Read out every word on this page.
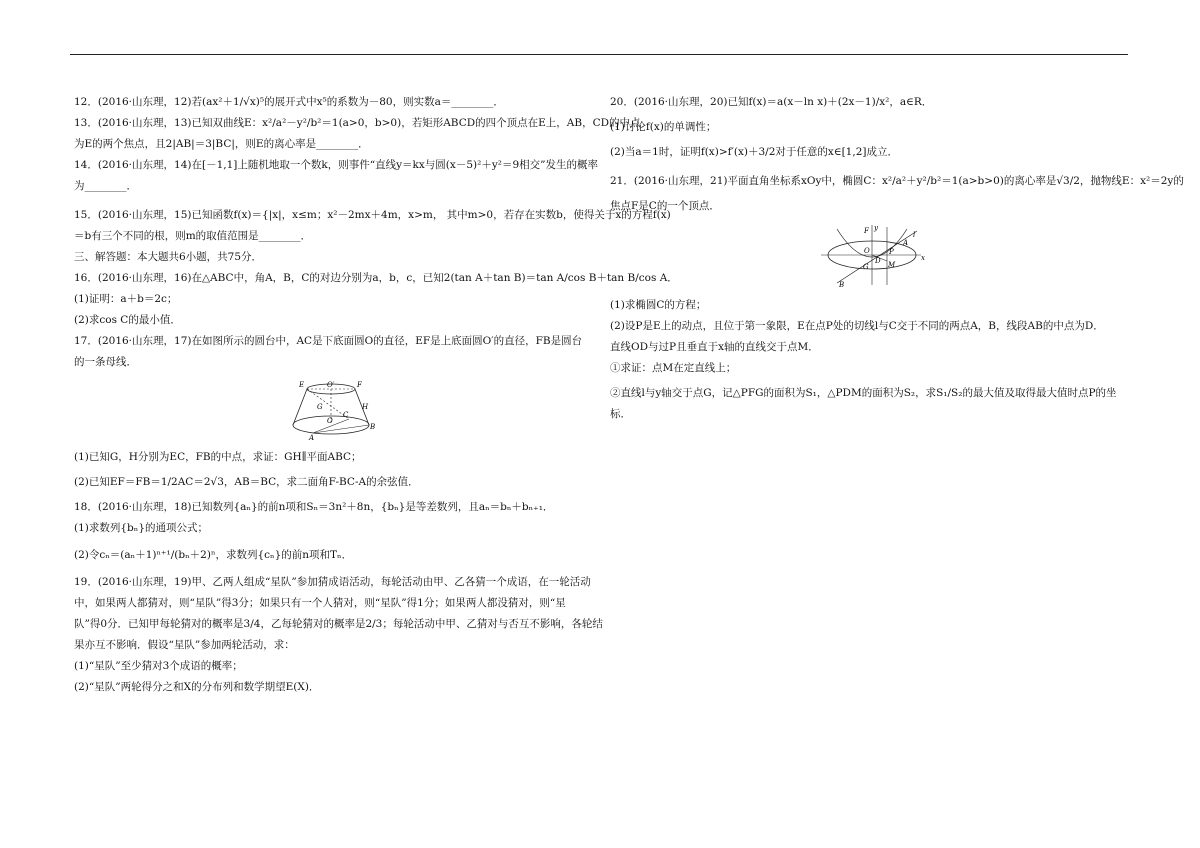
12．(2016·山东理，12)若(ax²＋1/√x)⁵的展开式中x⁵的系数为－80，则实数a＝________．
13．(2016·山东理，13)已知双曲线E：x²/a²－y²/b²＝1(a>0，b>0)，若矩形ABCD的四个顶点在E上，AB，CD的中点
为E的两个焦点，且2|AB|＝3|BC|，则E的离心率是________．
14．(2016·山东理，14)在[－1,1]上随机地取一个数k，则事件“直线y＝kx与圆(x－5)²＋y²＝9相交”发生的概率
为________．
15．(2016·山东理，15)已知函数f(x)＝{|x|，x≤m；x²－2mx＋4m，x>m， 其中m>0，若存在实数b，使得关于x的方程f(x)
＝b有三个不同的根，则m的取值范围是________．
三、解答题：本大题共6小题，共75分．
16．(2016·山东理，16)在△ABC中，角A，B，C的对边分别为a，b，c，已知2(tan A＋tan B)＝tan A/cos B＋tan B/cos A．
(1)证明：a＋b＝2c；
(2)求cos C的最小值．
17．(2016·山东理，17)在如图所示的圆台中，AC是下底面圆O的直径，EF是上底面圆O′的直径，FB是圆台
的一条母线．
E	O′	F
H
G
C
O
B
A
(1)已知G，H分别为EC，FB的中点，求证：GH∥平面ABC；
(2)已知EF＝FB＝1/2AC＝2√3，AB＝BC，求二面角F-BC-A的余弦值．
18．(2016·山东理，18)已知数列{aₙ}的前n项和Sₙ＝3n²＋8n，{bₙ}是等差数列，且aₙ＝bₙ＋bₙ₊₁．
(1)求数列{bₙ}的通项公式；
(2)令cₙ＝(aₙ＋1)ⁿ⁺¹/(bₙ＋2)ⁿ，求数列{cₙ}的前n项和Tₙ．
19．(2016·山东理，19)甲、乙两人组成“星队”参加猜成语活动，每轮活动由甲、乙各猜一个成语，在一轮活动
中，如果两人都猜对，则“星队”得3分；如果只有一个人猜对，则“星队”得1分；如果两人都没猜对，则“星
队”得0分．已知甲每轮猜对的概率是3/4，乙每轮猜对的概率是2/3；每轮活动中甲、乙猜对与否互不影响，各轮结
果亦互不影响．假设“星队”参加两轮活动，求：
(1)“星队”至少猜对3个成语的概率；
(2)“星队”两轮得分之和X的分布列和数学期望E(X)．
20．(2016·山东理，20)已知f(x)＝a(x－ln x)＋(2x－1)/x²，a∈R．
(1)讨论f(x)的单调性；
(2)当a＝1时，证明f(x)>f′(x)＋3/2对于任意的x∈[1,2]成立．
21．(2016·山东理，21)平面直角坐标系xOy中，椭圆C：x²/a²＋y²/b²＝1(a>b>0)的离心率是√3/2，抛物线E：x²＝2y的
焦点F是C的一个顶点．
F y
G
O
D M
P
x
l
A
B
(1)求椭圆C的方程；
(2)设P是E上的动点，且位于第一象限，E在点P处的切线l与C交于不同的两点A，B，线段AB的中点为D．
直线OD与过P且垂直于x轴的直线交于点M．
①求证：点M在定直线上；
②直线l与y轴交于点G，记△PFG的面积为S₁，△PDM的面积为S₂，求S₁/S₂的最大值及取得最大值时点P的坐
标．
